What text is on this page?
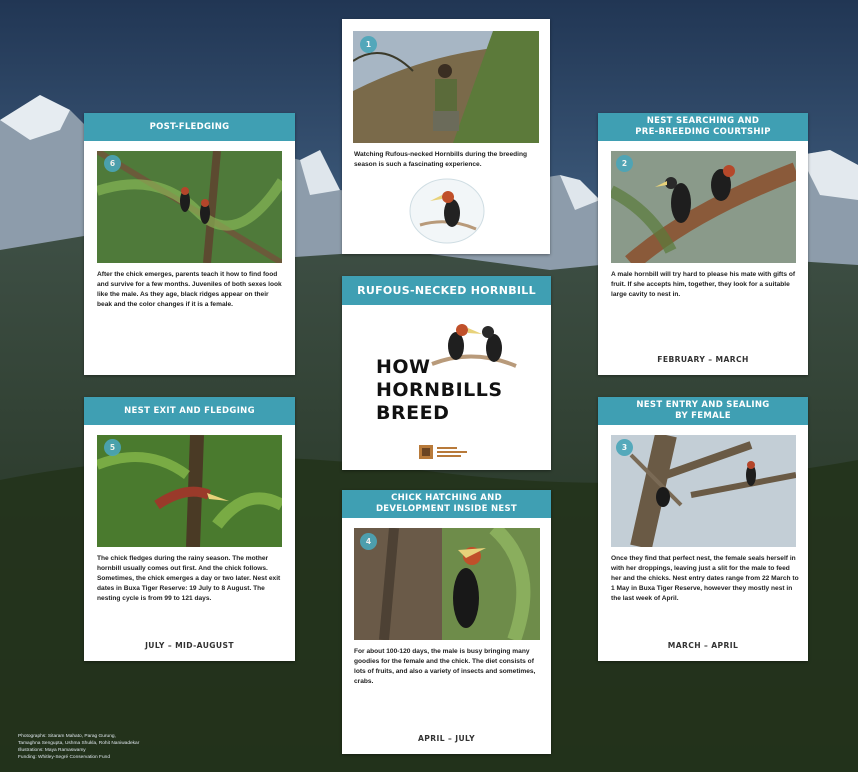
1
Watching Rufous-necked Hornbills during the breeding season is such a fascinating experience.
POST-FLEDGING
6
After the chick emerges, parents teach it how to find food and survive for a few months. Juveniles of both sexes look like the male. As they age, black ridges appear on their beak and the color changes if it is a female.
NEST SEARCHING AND
PRE-BREEDING COURTSHIP
2
A male hornbill will try hard to please his mate with gifts of fruit. If she accepts him, together, they look for a suitable large cavity to nest in.
FEBRUARY – MARCH
RUFOUS-NECKED HORNBILL
HOW
HORNBILLS
BREED
NEST EXIT AND FLEDGING
5
The chick fledges during the rainy season. The mother hornbill usually comes out first. And the chick follows. Sometimes, the chick emerges a day or two later. Nest exit dates in Buxa Tiger Reserve: 19 July to 8 August. The nesting cycle is from 99 to 121 days.
JULY – MID-AUGUST
NEST ENTRY AND SEALING
BY FEMALE
3
Once they find that perfect nest, the female seals herself in with her droppings, leaving just a slit for the male to feed her and the chicks. Nest entry dates range from 22 March to 1 May in Buxa Tiger Reserve, however they mostly nest in the last week of April.
MARCH – APRIL
CHICK HATCHING AND
DEVELOPMENT INSIDE NEST
4
For about 100-120 days, the male is busy bringing many goodies for the female and the chick. The diet consists of lots of fruits, and also a variety of insects and sometimes, crabs.
APRIL – JULY
Photographs: Sitaram Mahato, Parag Gurung,
Tamaghna Sengupta, Ushma Shukla, Rohit Naniwadekar
Illustrations: Maya Ramaswamy
Funding: Whitley-Segré Conservation Fund
